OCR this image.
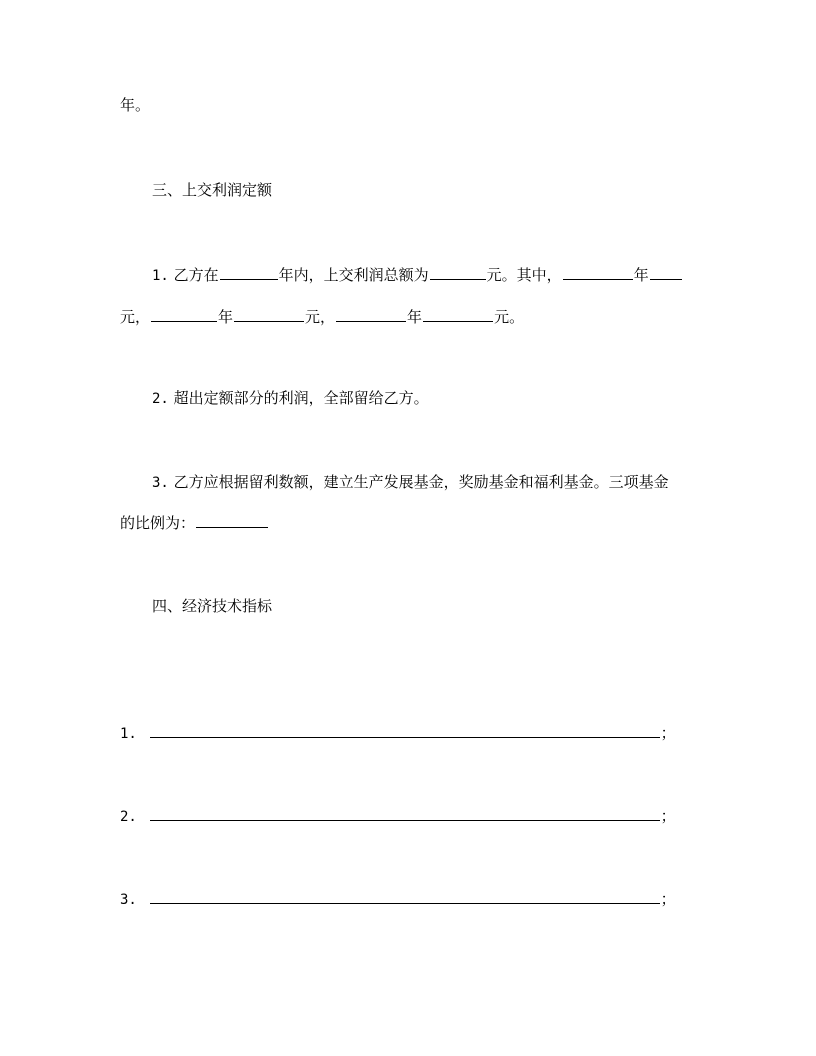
年。
三、上交利润定额
1. 乙方在	年内，上交利润总额为	元。其中，	年
元，	年	元，	年	元。
2. 超出定额部分的利润，全部留给乙方。
3. 乙方应根据留利数额，建立生产发展基金，奖励基金和福利基金。三项基金
的比例为：
四、经济技术指标
1.	；
2.	；
3.	；
